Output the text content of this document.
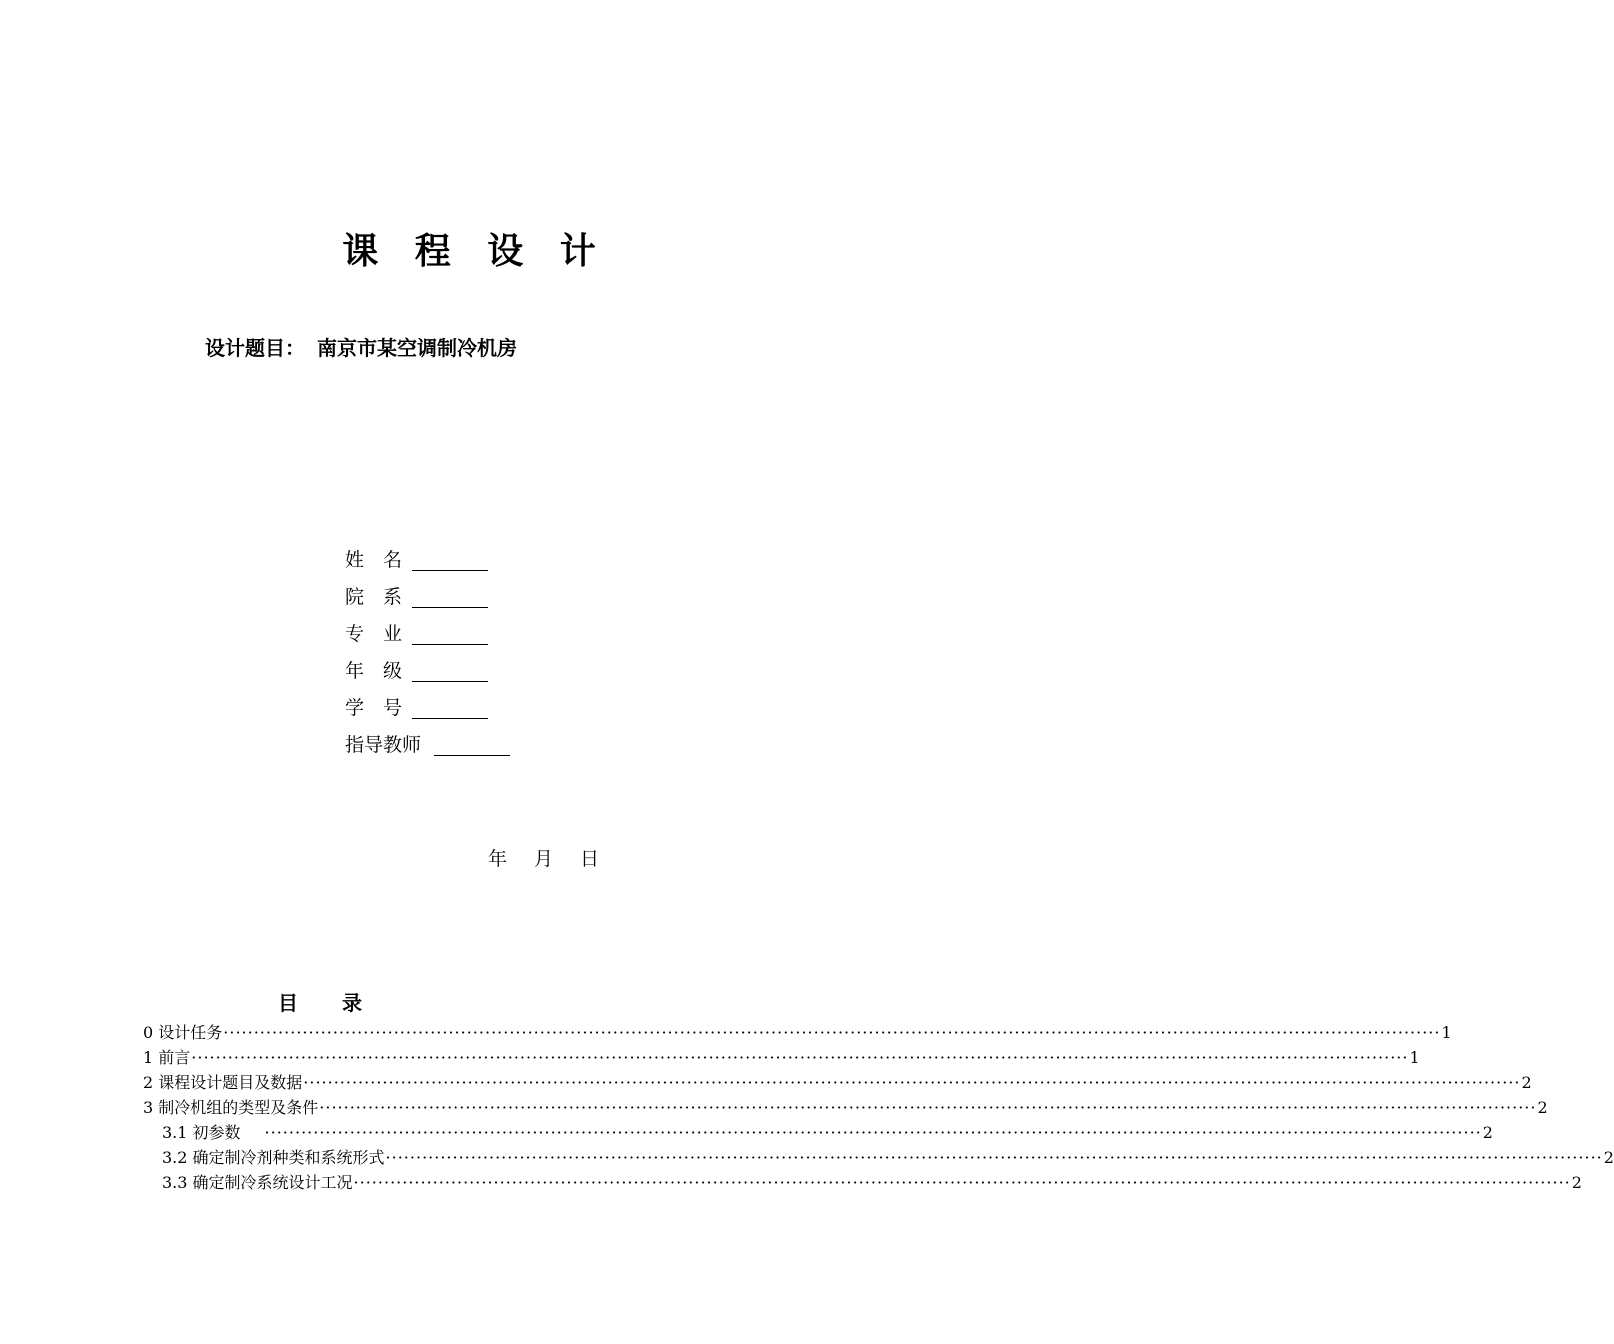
课 程 设 计
设计题目： 南京市某空调制冷机房
姓　名
院　系
专　业
年　级
学　号
指导教师
年 月 日
目 录
0 设计任务 ········································································································································································································ 1
1 前言 ········································································································································································································ 1
2 课程设计题目及数据 ········································································································································································································ 2
3 制冷机组的类型及条件 ········································································································································································································ 2
3.1 初参数 ········································································································································································································ 2
3.2 确定制冷剂种类和系统形式 ········································································································································································································ 2
3.3 确定制冷系统设计工况 ········································································································································································································ 2
